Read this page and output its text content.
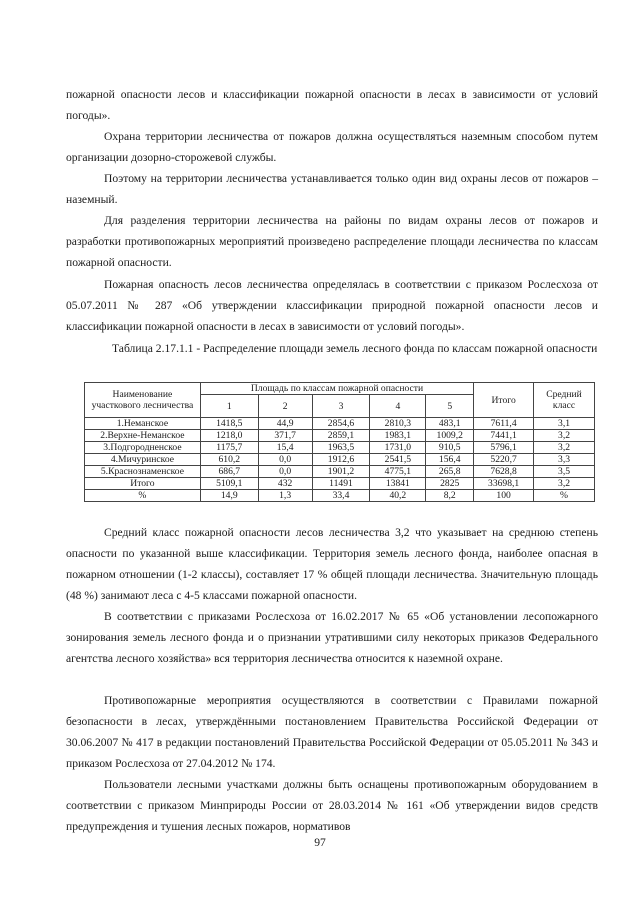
пожарной опасности лесов и классификации пожарной опасности в лесах в зависимости от условий погоды».

Охрана территории лесничества от пожаров должна осуществляться наземным способом путем организации дозорно-сторожевой службы.

Поэтому на территории лесничества устанавливается только один вид охраны лесов от пожаров – наземный.

Для разделения территории лесничества на районы по видам охраны лесов от пожаров и разработки противопожарных мероприятий произведено распределение площади лесничества по классам пожарной опасности.

Пожарная опасность лесов лесничества определялась в соответствии с приказом Рослесхоза от 05.07.2011 № 287 «Об утверждении классификации природной пожарной опасности лесов и классификации пожарной опасности в лесах в зависимости от условий погоды».

Таблица 2.17.1.1 - Распределение площади земель лесного фонда по классам пожарной опасности

Наименование участкового лесничества	Площадь по классам пожарной опасности					Итого	Средний класс
	1	2	3	4	5		
1.Неманское	1418,5	44,9	2854,6	2810,3	483,1	7611,4	3,1
2.Верхне-Неманское	1218,0	371,7	2859,1	1983,1	1009,2	7441,1	3,2
3.Подгородненское	1175,7	15,4	1963,5	1731,0	910,5	5796,1	3,2
4.Мичуринское	610,2	0,0	1912,6	2541,5	156,4	5220,7	3,3
5.Краснознаменское	686,7	0,0	1901,2	4775,1	265,8	7628,8	3,5
Итого	5109,1	432	11491	13841	2825	33698,1	3,2
%	14,9	1,3	33,4	40,2	8,2	100	%

Средний класс пожарной опасности лесов лесничества 3,2 что указывает на среднюю степень опасности по указанной выше классификации. Территория земель лесного фонда, наиболее опасная в пожарном отношении (1-2 классы), составляет 17 % общей площади лесничества. Значительную площадь (48 %) занимают леса с 4-5 классами пожарной опасности.

В соответствии с приказами Рослесхоза от 16.02.2017 № 65 «Об установлении лесопожарного зонирования земель лесного фонда и о признании утратившими силу некоторых приказов Федерального агентства лесного хозяйства» вся территория лесничества относится к наземной охране.

Противопожарные мероприятия осуществляются в соответствии с Правилами пожарной безопасности в лесах, утверждёнными постановлением Правительства Российской Федерации от 30.06.2007 № 417 в редакции постановлений Правительства Российской Федерации от 05.05.2011 № 343 и приказом Рослесхоза от 27.04.2012 № 174.

Пользователи лесными участками должны быть оснащены противопожарным оборудованием в соответствии с приказом Минприроды России от 28.03.2014 № 161 «Об утверждении видов средств предупреждения и тушения лесных пожаров, нормативов

97
